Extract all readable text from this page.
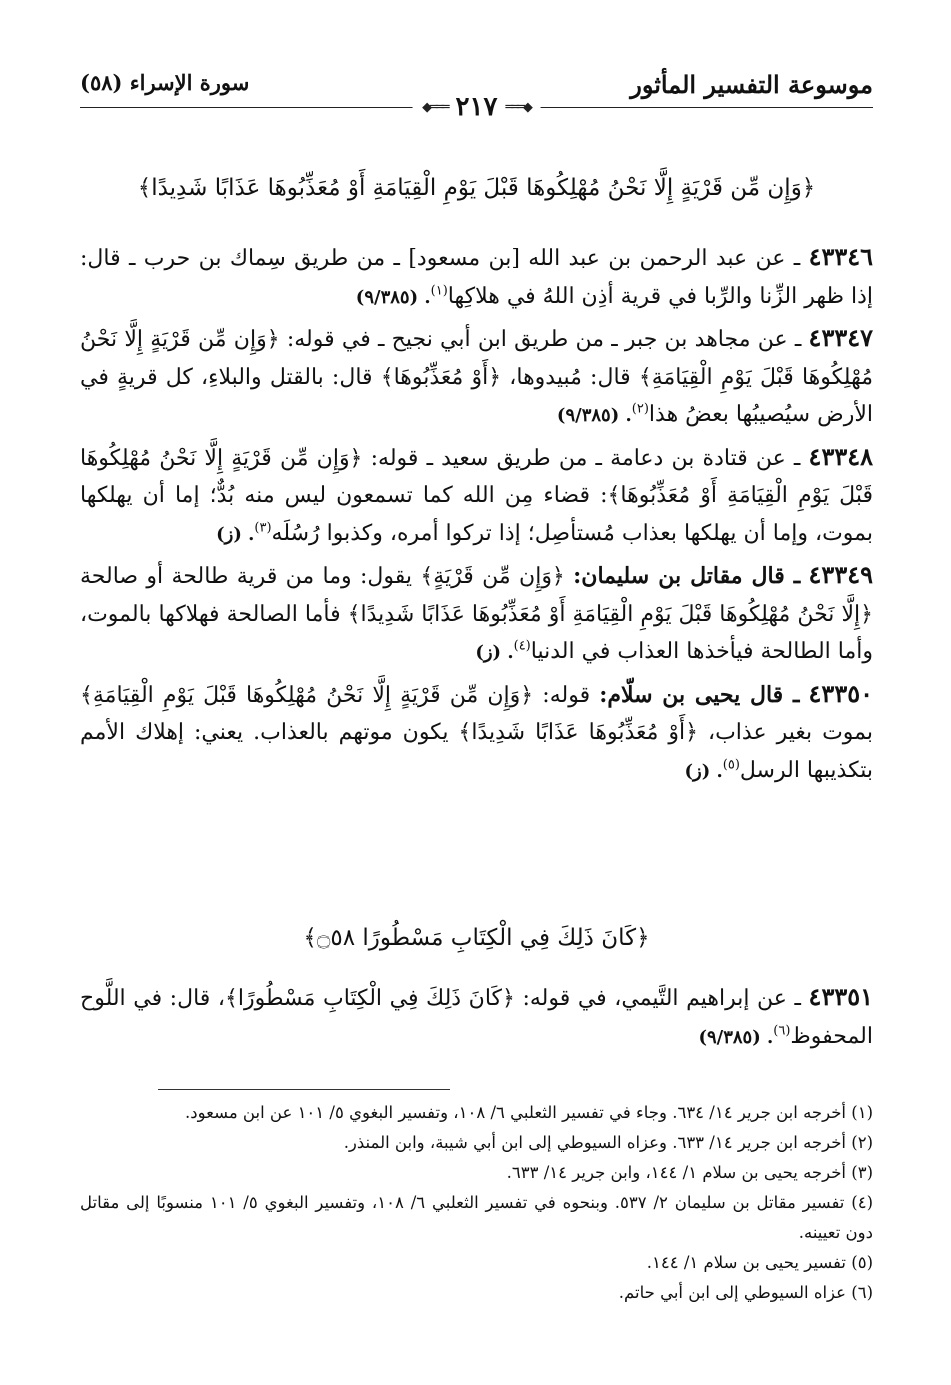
موسوعة التفسير المأثور
سورة الإسراء (٥٨)
◆═══
٢١٧
═══◆
﴿وَإِن مِّن قَرْيَةٍ إِلَّا نَحْنُ مُهْلِكُوهَا قَبْلَ يَوْمِ الْقِيَامَةِ أَوْ مُعَذِّبُوهَا عَذَابًا شَدِيدًا﴾

٤٣٣٤٦ ـ عن عبد الرحمن بن عبد الله [بن مسعود] ـ من طريق سِماك بن حرب ـ قال: إذا ظهر الزِّنا والرِّبا في قرية أذِن اللهُ في هلاكِها$^{(١)}$. (٩/٣٨٥)

٤٣٣٤٧ ـ عن مجاهد بن جبر ـ من طريق ابن أبي نجيح ـ في قوله: ﴿وَإِن مِّن قَرْيَةٍ إِلَّا نَحْنُ مُهْلِكُوهَا قَبْلَ يَوْمِ الْقِيَامَةِ﴾ قال: مُبيدوها، ﴿أَوْ مُعَذِّبُوهَا﴾ قال: بالقتل والبلاءِ، كل قريةٍ في الأرض سيُصيبُها بعضُ هذا$^{(٢)}$. (٩/٣٨٥)

٤٣٣٤٨ ـ عن قتادة بن دعامة ـ من طريق سعيد ـ قوله: ﴿وَإِن مِّن قَرْيَةٍ إِلَّا نَحْنُ مُهْلِكُوهَا قَبْلَ يَوْمِ الْقِيَامَةِ أَوْ مُعَذِّبُوهَا﴾: قضاء مِن الله كما تسمعون ليس منه بُدٌّ؛ إما أن يهلكها بموت، وإما أن يهلكها بعذاب مُستأصِل؛ إذا تركوا أمره، وكذبوا رُسُلَه$^{(٣)}$. (ز)

٤٣٣٤٩ ـ قال مقاتل بن سليمان: ﴿وَإِن مِّن قَرْيَةٍ﴾ يقول: وما من قرية طالحة أو صالحة ﴿إِلَّا نَحْنُ مُهْلِكُوهَا قَبْلَ يَوْمِ الْقِيَامَةِ أَوْ مُعَذِّبُوهَا عَذَابًا شَدِيدًا﴾ فأما الصالحة فهلاكها بالموت، وأما الطالحة فيأخذها العذاب في الدنيا$^{(٤)}$. (ز)

٤٣٣٥٠ ـ قال يحيى بن سلّام: قوله: ﴿وَإِن مِّن قَرْيَةٍ إِلَّا نَحْنُ مُهْلِكُوهَا قَبْلَ يَوْمِ الْقِيَامَةِ﴾ بموت بغير عذاب، ﴿أَوْ مُعَذِّبُوهَا عَذَابًا شَدِيدًا﴾ يكون موتهم بالعذاب. يعني: إهلاك الأمم بتكذيبها الرسل$^{(٥)}$. (ز)

﴿كَانَ ذَلِكَ فِي الْكِتَابِ مَسْطُورًا ۝٥٨﴾

٤٣٣٥١ ـ عن إبراهيم التَّيمي، في قوله: ﴿كَانَ ذَلِكَ فِي الْكِتَابِ مَسْطُورًا﴾، قال: في اللَّوح المحفوظ$^{(٦)}$. (٩/٣٨٥)

(١) أخرجه ابن جرير ١٤/ ٦٣٤. وجاء في تفسير الثعلبي ٦/ ١٠٨، وتفسير البغوي ٥/ ١٠١ عن ابن مسعود.

(٢) أخرجه ابن جرير ١٤/ ٦٣٣. وعزاه السيوطي إلى ابن أبي شيبة، وابن المنذر.

(٣) أخرجه يحيى بن سلام ١/ ١٤٤، وابن جرير ١٤/ ٦٣٣.

(٤) تفسير مقاتل بن سليمان ٢/ ٥٣٧. وبنحوه في تفسير الثعلبي ٦/ ١٠٨، وتفسير البغوي ٥/ ١٠١ منسوبًا إلى مقاتل دون تعيينه.

(٥) تفسير يحيى بن سلام ١/ ١٤٤.

(٦) عزاه السيوطي إلى ابن أبي حاتم.
